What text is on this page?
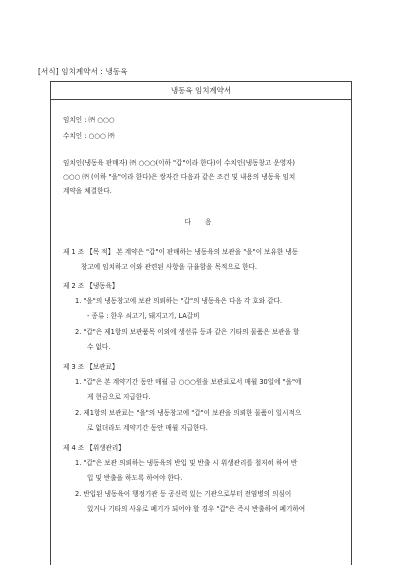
[서식] 임치계약서 : 냉동육
냉동육 임치계약서
임치인 : ㈜ ○○○
수치인 : ○○○ ㈜
임치인(냉동육 판매자) ㈜ ○○○(이하 "갑"이라 한다)이 수치인(냉동창고 운영자)
○○○ ㈜ (이하 "을"이라 한다)은 쌍자간 다음과 같은 조건 및 내용의 냉동육 임치
계약을 체결한다.
다 음
제 1 조 【목 적】 본 계약은 "갑"이 판매하는 냉동육의 보관을 "을"이 보유한 냉동
창고에 임치하고 이와 관련된 사항을 규율함을 목적으로 한다.
제 2 조 【냉동육】
1. "을"의 냉동창고에 보관 의뢰하는 "갑"의 냉동육은 다음 각 호와 같다.
- 종류 : 한우 쇠고기, 돼지고기, LA갈비
2. "갑"은 제1항의 보관품목 이외에 생선류 등과 같은 기타의 물품은 보관을 할
수 없다.
제 3 조 【보관료】
1. "갑"은 본 계약기간 동안 매월 금 ○○○원을 보관료로서 매월 30일에 "을"에
게 현금으로 지급한다.
2. 제1항의 보관료는 "을"의 냉동창고에 "갑"이 보관을 의뢰한 물품이 일시적으
로 없더라도 계약기간 동안 매월 지급한다.
제 4 조 【위생관리】
1. "갑"은 보관 의뢰하는 냉동육의 반입 및 반출 시 위생관리를 철저히 하여 반
입 및 반출을 하도록 하여야 한다.
2. 반입된 냉동육이 행정기관 등 공신력 있는 기관으로부터 전염병의 의심이
있거나 기타의 사유로 폐기가 되어야 할 경우 "갑"은 즉시 반출하여 폐기하여
